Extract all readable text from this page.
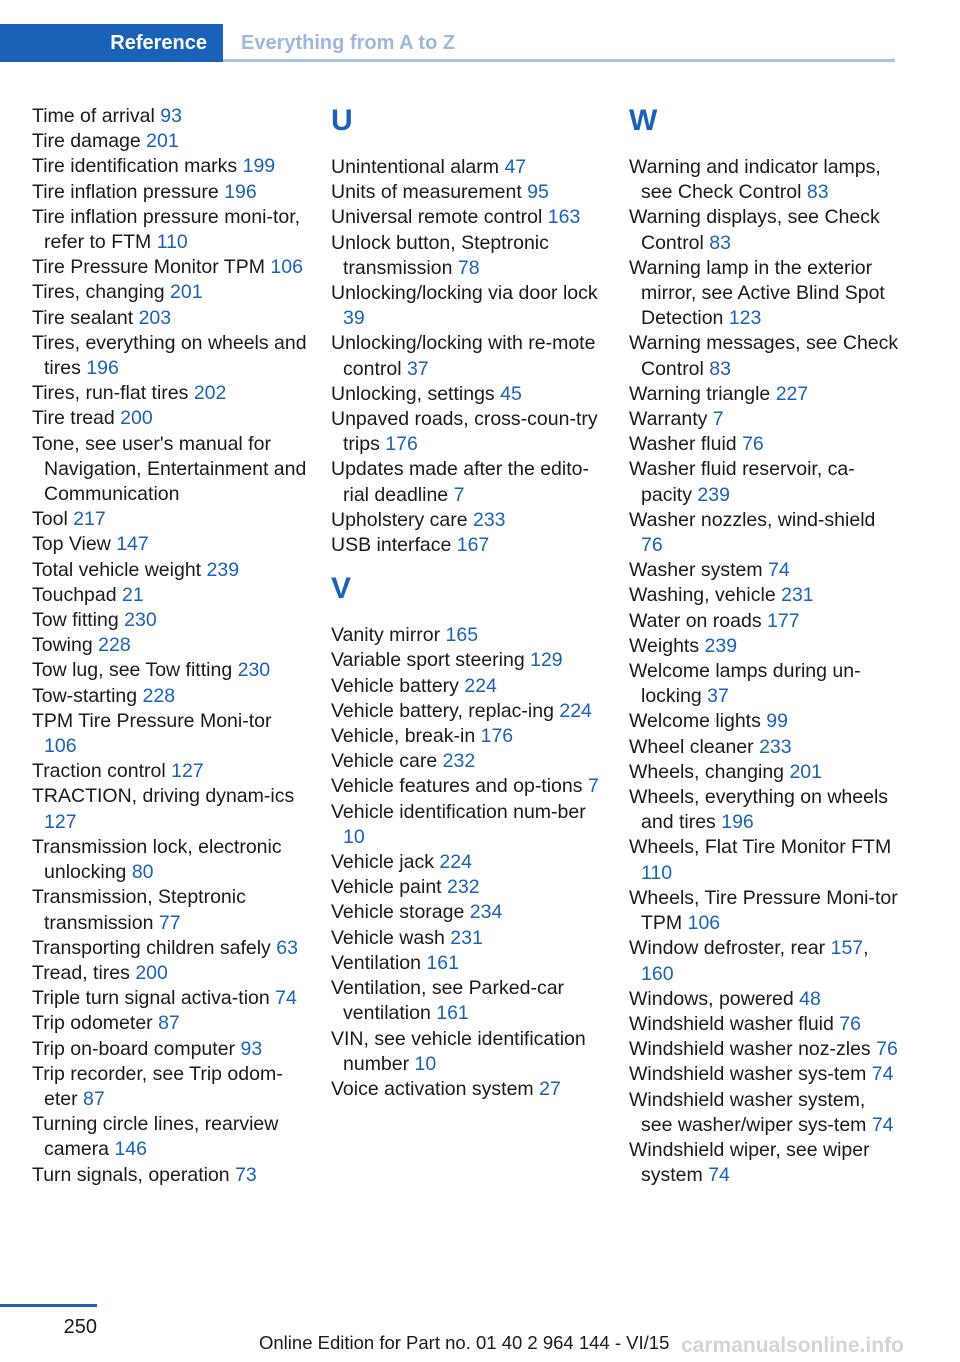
Reference	Everything from A to Z
Time of arrival 93
Tire damage 201
Tire identification marks 199
Tire inflation pressure 196
Tire inflation pressure moni-tor, refer to FTM 110
Tire Pressure Monitor TPM 106
Tires, changing 201
Tire sealant 203
Tires, everything on wheels and tires 196
Tires, run-flat tires 202
Tire tread 200
Tone, see user's manual for Navigation, Entertainment and Communication
Tool 217
Top View 147
Total vehicle weight 239
Touchpad 21
Tow fitting 230
Towing 228
Tow lug, see Tow fitting 230
Tow-starting 228
TPM Tire Pressure Moni-tor 106
Traction control 127
TRACTION, driving dynam-ics 127
Transmission lock, electronic unlocking 80
Transmission, Steptronic transmission 77
Transporting children safely 63
Tread, tires 200
Triple turn signal activa-tion 74
Trip odometer 87
Trip on-board computer 93
Trip recorder, see Trip odom-eter 87
Turning circle lines, rearview camera 146
Turn signals, operation 73
U
Unintentional alarm 47
Units of measurement 95
Universal remote control 163
Unlock button, Steptronic transmission 78
Unlocking/locking via door lock 39
Unlocking/locking with re-mote control 37
Unlocking, settings 45
Unpaved roads, cross-coun-try trips 176
Updates made after the edito-rial deadline 7
Upholstery care 233
USB interface 167
V
Vanity mirror 165
Variable sport steering 129
Vehicle battery 224
Vehicle battery, replac-ing 224
Vehicle, break-in 176
Vehicle care 232
Vehicle features and op-tions 7
Vehicle identification num-ber 10
Vehicle jack 224
Vehicle paint 232
Vehicle storage 234
Vehicle wash 231
Ventilation 161
Ventilation, see Parked-car ventilation 161
VIN, see vehicle identification number 10
Voice activation system 27
W
Warning and indicator lamps, see Check Control 83
Warning displays, see Check Control 83
Warning lamp in the exterior mirror, see Active Blind Spot Detection 123
Warning messages, see Check Control 83
Warning triangle 227
Warranty 7
Washer fluid 76
Washer fluid reservoir, ca-pacity 239
Washer nozzles, wind-shield 76
Washer system 74
Washing, vehicle 231
Water on roads 177
Weights 239
Welcome lamps during un-locking 37
Welcome lights 99
Wheel cleaner 233
Wheels, changing 201
Wheels, everything on wheels and tires 196
Wheels, Flat Tire Monitor FTM 110
Wheels, Tire Pressure Moni-tor TPM 106
Window defroster, rear 157, 160
Windows, powered 48
Windshield washer fluid 76
Windshield washer noz-zles 76
Windshield washer sys-tem 74
Windshield washer system, see washer/wiper sys-tem 74
Windshield wiper, see wiper system 74
250
Online Edition for Part no. 01 40 2 964 144 - VI/15 carmanualsonline.info
